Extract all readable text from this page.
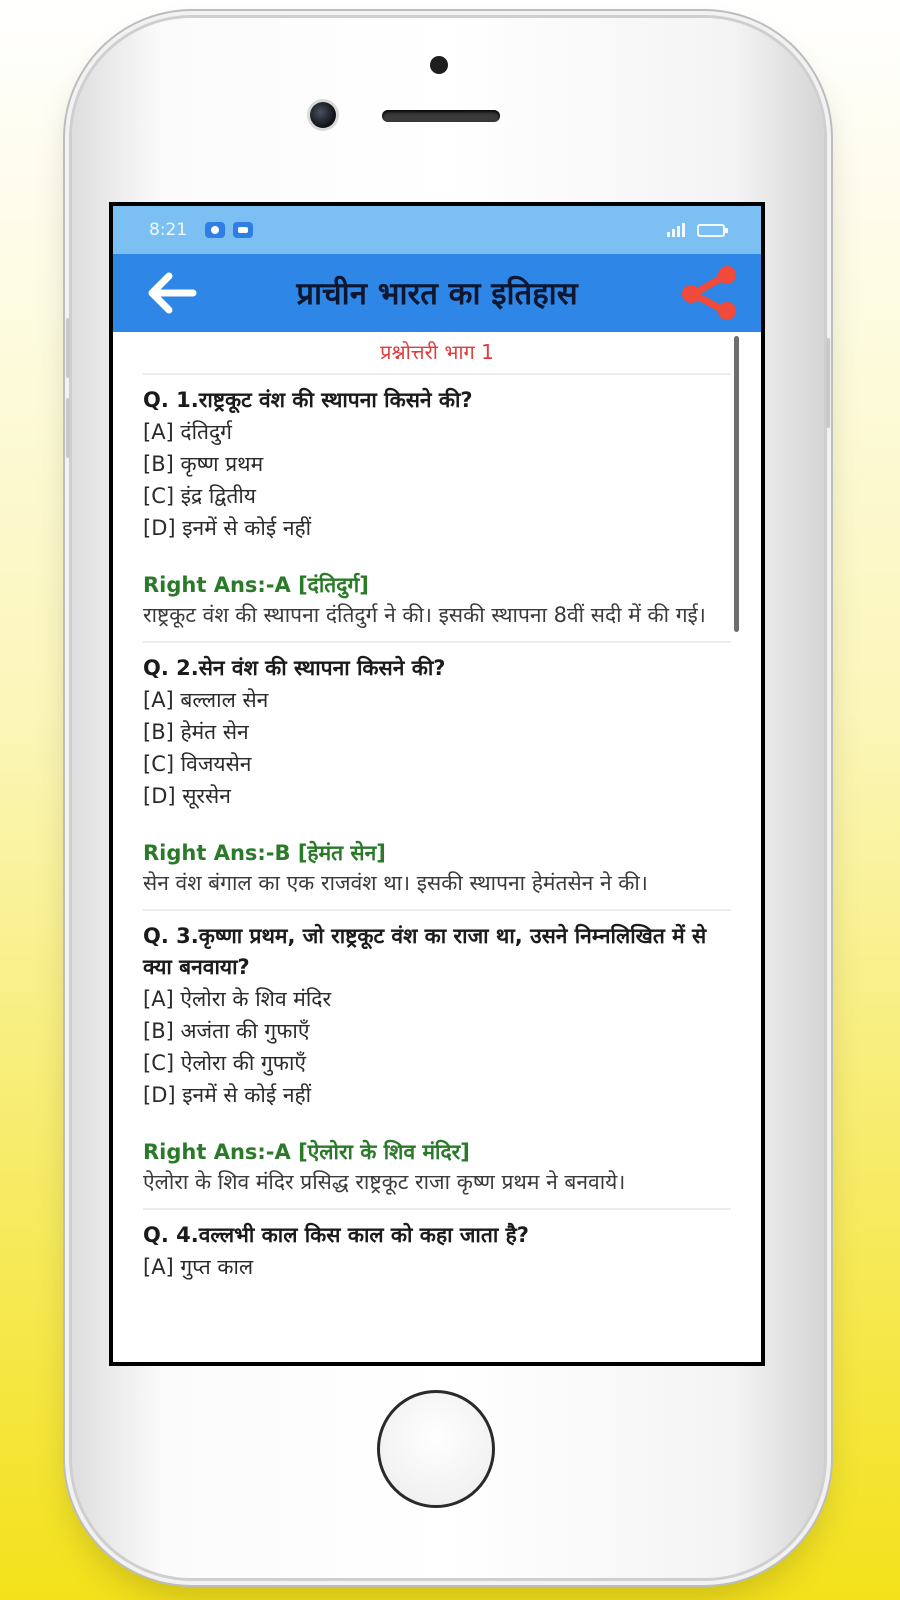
8:21
प्राचीन भारत का इतिहास
प्रश्नोत्तरी भाग 1
Q. 1.राष्ट्रकूट वंश की स्थापना किसने की?
[A] दंतिदुर्ग
[B] कृष्ण प्रथम
[C] इंद्र द्वितीय
[D] इनमें से कोई नहीं
Right Ans:-A [दंतिदुर्ग]
राष्ट्रकूट वंश की स्थापना दंतिदुर्ग ने की। इसकी स्थापना 8वीं सदी में की गई।
Q. 2.सेन वंश की स्थापना किसने की?
[A] बल्लाल सेन
[B] हेमंत सेन
[C] विजयसेन
[D] सूरसेन
Right Ans:-B [हेमंत सेन]
सेन वंश बंगाल का एक राजवंश था। इसकी स्थापना हेमंतसेन ने की।
Q. 3.कृष्णा प्रथम, जो राष्ट्रकूट वंश का राजा था, उसने निम्नलिखित में से क्या बनवाया?
[A] ऐलोरा के शिव मंदिर
[B] अजंता की गुफाएँ
[C] ऐलोरा की गुफाएँ
[D] इनमें से कोई नहीं
Right Ans:-A [ऐलोरा के शिव मंदिर]
ऐलोरा के शिव मंदिर प्रसिद्ध राष्ट्रकूट राजा कृष्ण प्रथम ने बनवाये।
Q. 4.वल्लभी काल किस काल को कहा जाता है?
[A] गुप्त काल
